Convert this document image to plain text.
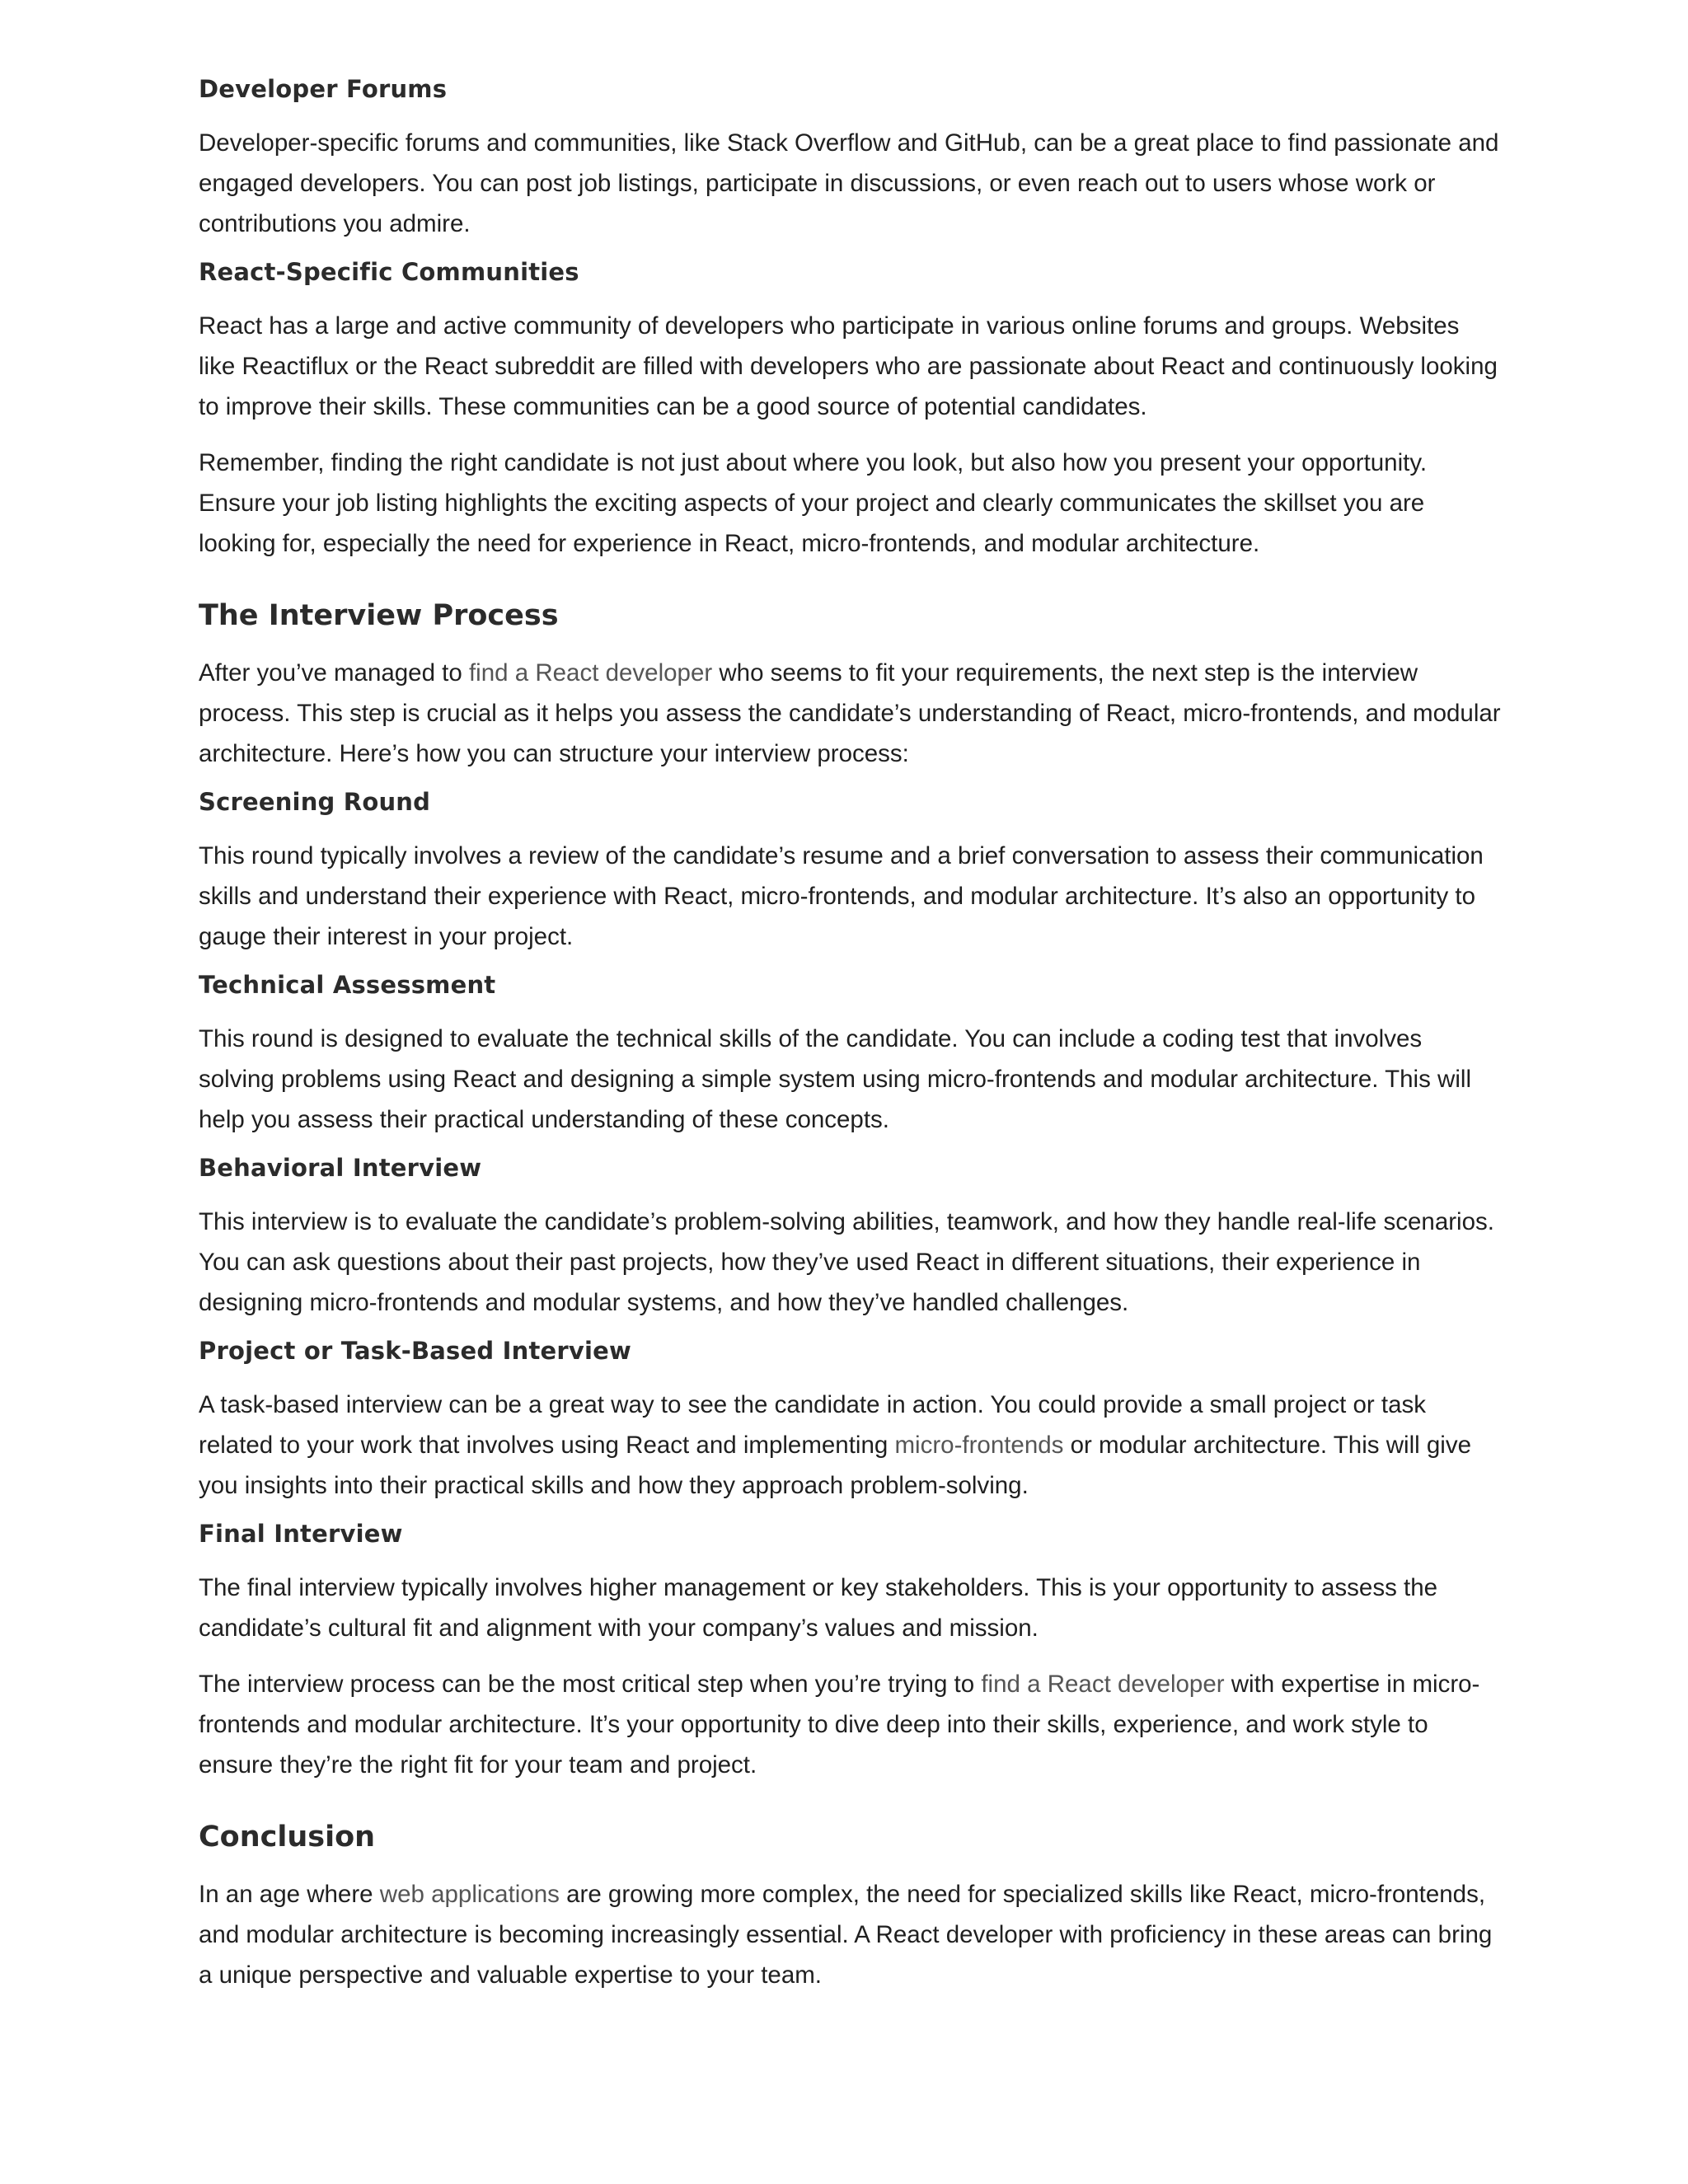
Developer Forums

Developer-specific forums and communities, like Stack Overflow and GitHub, can be a great place to find passionate and engaged developers. You can post job listings, participate in discussions, or even reach out to users whose work or contributions you admire.

React-Specific Communities

React has a large and active community of developers who participate in various online forums and groups. Websites like Reactiflux or the React subreddit are filled with developers who are passionate about React and continuously looking to improve their skills. These communities can be a good source of potential candidates.

Remember, finding the right candidate is not just about where you look, but also how you present your opportunity. Ensure your job listing highlights the exciting aspects of your project and clearly communicates the skillset you are looking for, especially the need for experience in React, micro-frontends, and modular architecture.

The Interview Process

After you’ve managed to find a React developer who seems to fit your requirements, the next step is the interview process. This step is crucial as it helps you assess the candidate’s understanding of React, micro-frontends, and modular architecture. Here’s how you can structure your interview process:

Screening Round

This round typically involves a review of the candidate’s resume and a brief conversation to assess their communication skills and understand their experience with React, micro-frontends, and modular architecture. It’s also an opportunity to gauge their interest in your project.

Technical Assessment

This round is designed to evaluate the technical skills of the candidate. You can include a coding test that involves solving problems using React and designing a simple system using micro-frontends and modular architecture. This will help you assess their practical understanding of these concepts.

Behavioral Interview

This interview is to evaluate the candidate’s problem-solving abilities, teamwork, and how they handle real-life scenarios. You can ask questions about their past projects, how they’ve used React in different situations, their experience in designing micro-frontends and modular systems, and how they’ve handled challenges.

Project or Task-Based Interview

A task-based interview can be a great way to see the candidate in action. You could provide a small project or task related to your work that involves using React and implementing micro-frontends or modular architecture. This will give you insights into their practical skills and how they approach problem-solving.

Final Interview

The final interview typically involves higher management or key stakeholders. This is your opportunity to assess the candidate’s cultural fit and alignment with your company’s values and mission.

The interview process can be the most critical step when you’re trying to find a React developer with expertise in micro-frontends and modular architecture. It’s your opportunity to dive deep into their skills, experience, and work style to ensure they’re the right fit for your team and project.

Conclusion

In an age where web applications are growing more complex, the need for specialized skills like React, micro-frontends, and modular architecture is becoming increasingly essential. A React developer with proficiency in these areas can bring a unique perspective and valuable expertise to your team.
